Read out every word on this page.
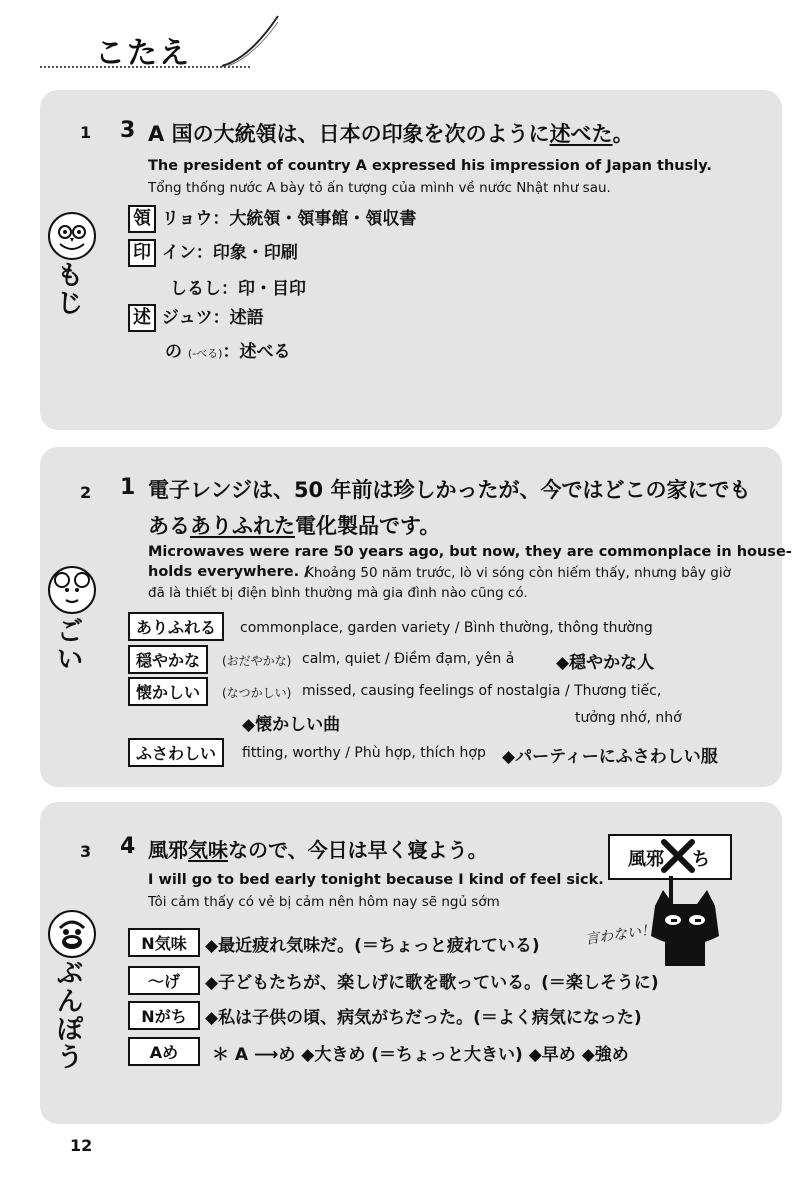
こたえ
1 3 A 国の大統領は、日本の印象を次のように述べた。
The president of country A expressed his impression of Japan thusly.
Tổng thống nước A bày tỏ ấn tượng của mình về nước Nhật như sau.
もじ
領 リョウ：大統領・領事館・領収書
印 イン：印象・印刷
しるし：印・目印
述 ジュツ：述語
の (-べる)：述べる
2 1 電子レンジは、50 年前は珍しかったが、今ではどこの家にでも
あるありふれた電化製品です。
Microwaves were rare 50 years ago, but now, they are commonplace in house-
holds everywhere. /
Khoảng 50 năm trước, lò vi sóng còn hiếm thấy, nhưng bây giờ
đã là thiết bị điện bình thường mà gia đình nào cũng có.
ごい
ありふれる	commonplace, garden variety / Bình thường, thông thường
穏やかな	(おだやかな) calm, quiet / Điềm đạm, yên ả ◆穏やかな人
懐かしい	(なつかしい) missed, causing feelings of nostalgia / Thương tiếc,
tưởng nhớ, nhớ
◆懐かしい曲
ふさわしい	fitting, worthy / Phù hợp, thích hợp ◆パーティーにふさわしい服
3 4 風邪気味なので、今日は早く寝よう。
I will go to bed early tonight because I kind of feel sick.
Tôi cảm thấy có vẻ bị cảm nên hôm nay sẽ ngủ sớm
風邪 ち
言わない！
ぶんぽう
N気味	◆最近疲れ気味だ。(＝ちょっと疲れている)
〜げ	◆子どもたちが、楽しげに歌を歌っている。(＝楽しそうに)
Nがち	◆私は子供の頃、病気がちだった。(＝よく病気になった)
Aめ	＊ A ⟶め ◆大きめ (＝ちょっと大きい) ◆早め ◆強め
12
